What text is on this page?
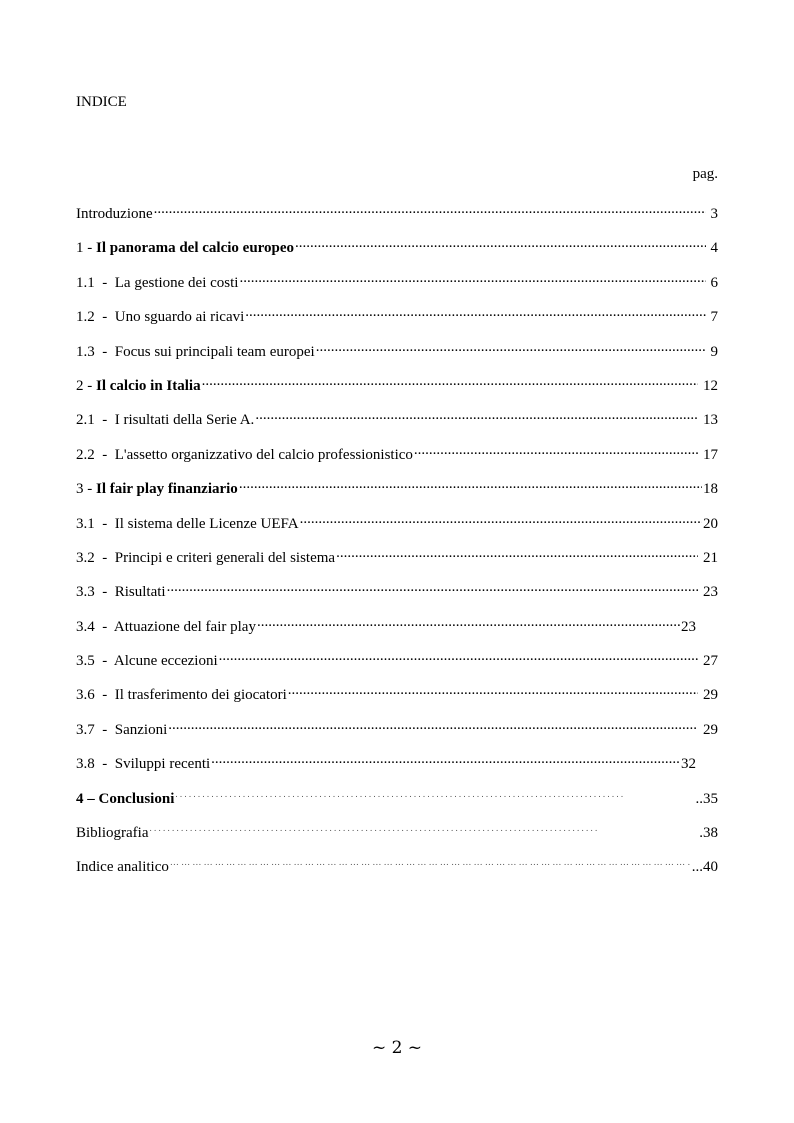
INDICE
pag.
Introduzione .....	3
1 - Il panorama del calcio europeo .....	4
1.1  -  La gestione dei costi .....	6
1.2  -  Uno sguardo ai ricavi .....	7
1.3  -  Focus sui principali team europei .....	9
2 - Il calcio in Italia .....	12
2.1  -  I risultati della Serie A. .....	13
2.2  -  L'assetto organizzativo del calcio professionistico .....	17
3 - Il fair play finanziario .....	18
3.1  -  Il sistema delle Licenze UEFA .....	20
3.2  -  Principi e criteri generali del sistema .....	21
3.3  -  Risultati .....	23
3.4  -  Attuazione del fair play .....	23
3.5  -  Alcune eccezioni .....	27
3.6  -  Il trasferimento dei giocatori .....	29
3.7  -  Sanzioni .....	29
3.8  -  Sviluppi recenti .....	32
4 – Conclusioni . . .	..35
Bibliografia . . .	.38
Indice analitico … … … … … … … … … … … … … … … … … … … … … … … … … … … … … … … … … … … … … … … … … … … … … … … … … … … … … … … … … … … …	...40
~ 2 ~
